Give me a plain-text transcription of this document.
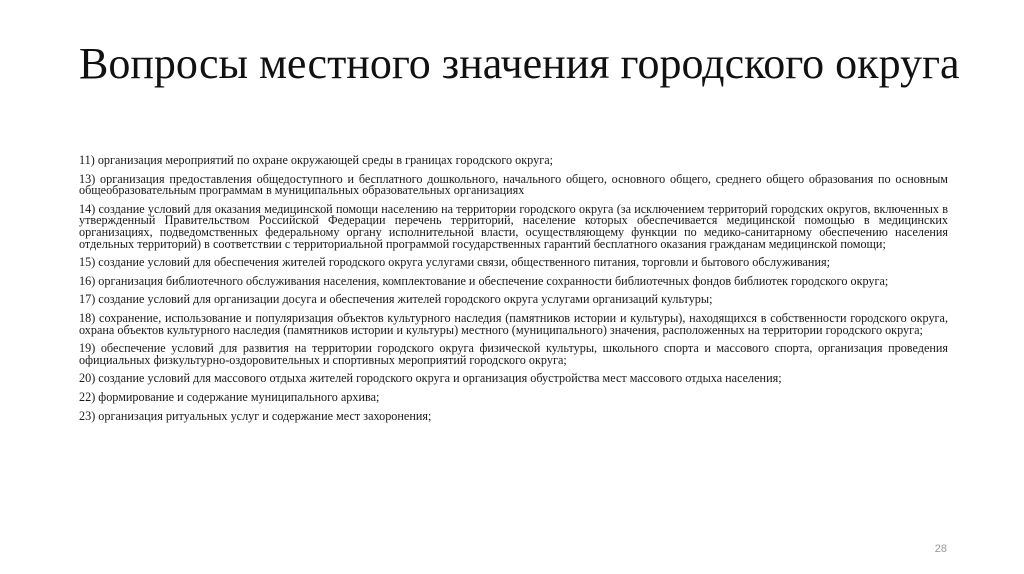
Вопросы местного значения городского округа
11) организация мероприятий по охране окружающей среды в границах городского округа;
13) организация предоставления общедоступного и бесплатного дошкольного, начального общего, основного общего, среднего общего образования по основным общеобразовательным программам в муниципальных образовательных организациях
14) создание условий для оказания медицинской помощи населению на территории городского округа (за исключением территорий городских округов, включенных в утвержденный Правительством Российской Федерации перечень территорий, население которых обеспечивается медицинской помощью в медицинских организациях, подведомственных федеральному органу исполнительной власти, осуществляющему функции по медико-санитарному обеспечению населения отдельных территорий) в соответствии с территориальной программой государственных гарантий бесплатного оказания гражданам медицинской помощи;
15) создание условий для обеспечения жителей городского округа услугами связи, общественного питания, торговли и бытового обслуживания;
16) организация библиотечного обслуживания населения, комплектование и обеспечение сохранности библиотечных фондов библиотек городского округа;
17) создание условий для организации досуга и обеспечения жителей городского округа услугами организаций культуры;
18) сохранение, использование и популяризация объектов культурного наследия (памятников истории и культуры), находящихся в собственности городского округа, охрана объектов культурного наследия (памятников истории и культуры) местного (муниципального) значения, расположенных на территории городского округа;
19) обеспечение условий для развития на территории городского округа физической культуры, школьного спорта и массового спорта, организация проведения официальных физкультурно-оздоровительных и спортивных мероприятий городского округа;
20) создание условий для массового отдыха жителей городского округа и организация обустройства мест массового отдыха населения;
22) формирование и содержание муниципального архива;
23) организация ритуальных услуг и содержание мест захоронения;
28
